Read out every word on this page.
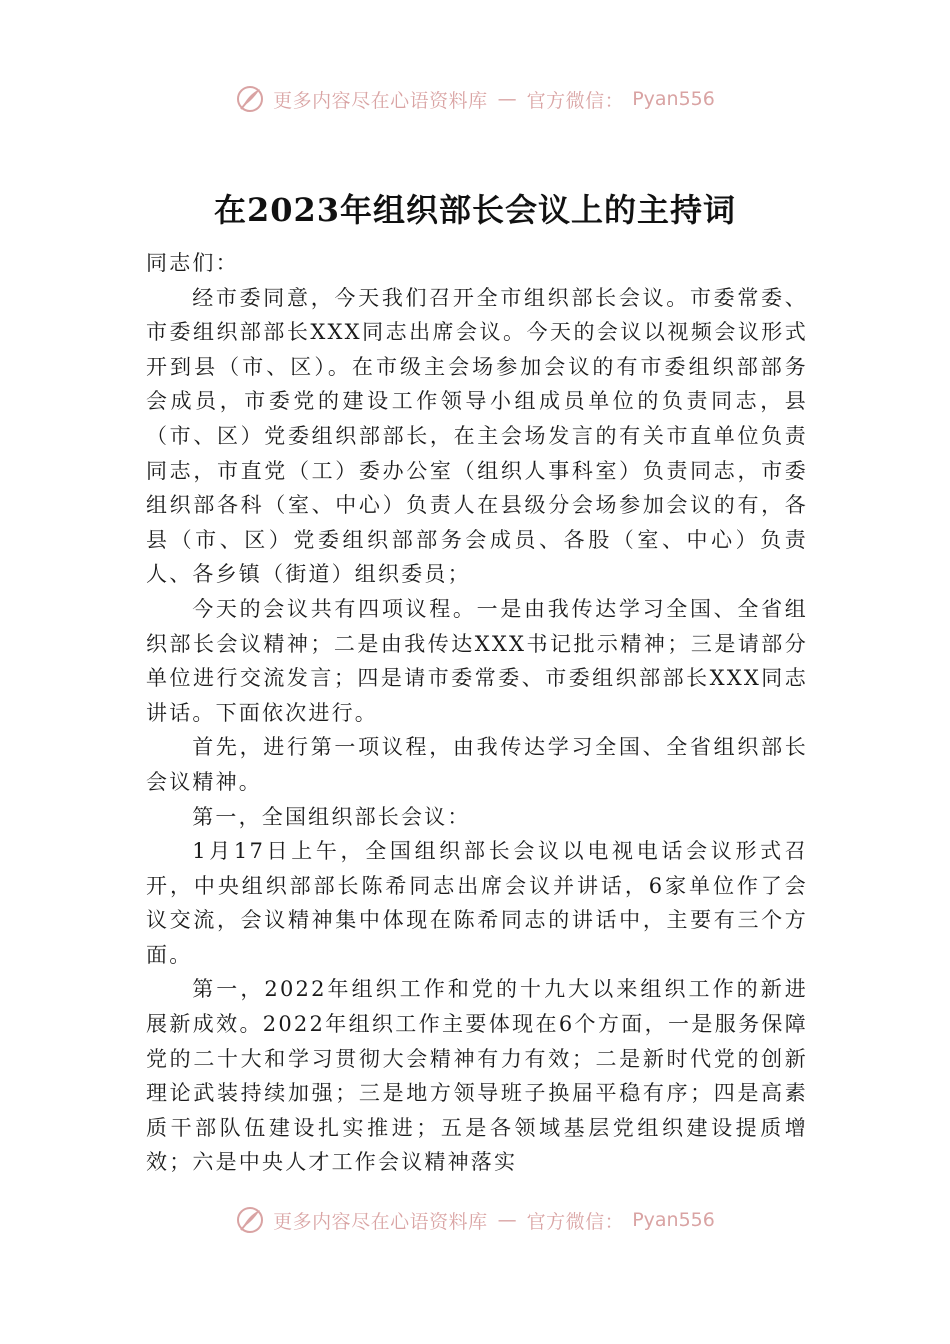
更多内容尽在心语资料库 — 官方微信： Pyan556
在2023年组织部长会议上的主持词

同志们：

经市委同意，今天我们召开全市组织部长会议。市委常委、市委组织部部长XXX同志出席会议。今天的会议以视频会议形式开到县（市、区）。在市级主会场参加会议的有市委组织部部务会成员，市委党的建设工作领导小组成员单位的负责同志，县（市、区）党委组织部部长，在主会场发言的有关市直单位负责同志，市直党（工）委办公室（组织人事科室）负责同志，市委组织部各科（室、中心）负责人在县级分会场参加会议的有，各县（市、区）党委组织部部务会成员、各股（室、中心）负责人、各乡镇（街道）组织委员；

今天的会议共有四项议程。一是由我传达学习全国、全省组织部长会议精神；二是由我传达XXX书记批示精神；三是请部分单位进行交流发言；四是请市委常委、市委组织部部长XXX同志讲话。下面依次进行。

首先，进行第一项议程，由我传达学习全国、全省组织部长会议精神。

第一，全国组织部长会议：

1月17日上午，全国组织部长会议以电视电话会议形式召开，中央组织部部长陈希同志出席会议并讲话，6家单位作了会议交流，会议精神集中体现在陈希同志的讲话中，主要有三个方面。

第一，2022年组织工作和党的十九大以来组织工作的新进展新成效。2022年组织工作主要体现在6个方面，一是服务保障党的二十大和学习贯彻大会精神有力有效；二是新时代党的创新理论武装持续加强；三是地方领导班子换届平稳有序；四是高素质干部队伍建设扎实推进；五是各领域基层党组织建设提质增效；六是中央人才工作会议精神落实

更多内容尽在心语资料库 — 官方微信： Pyan556
